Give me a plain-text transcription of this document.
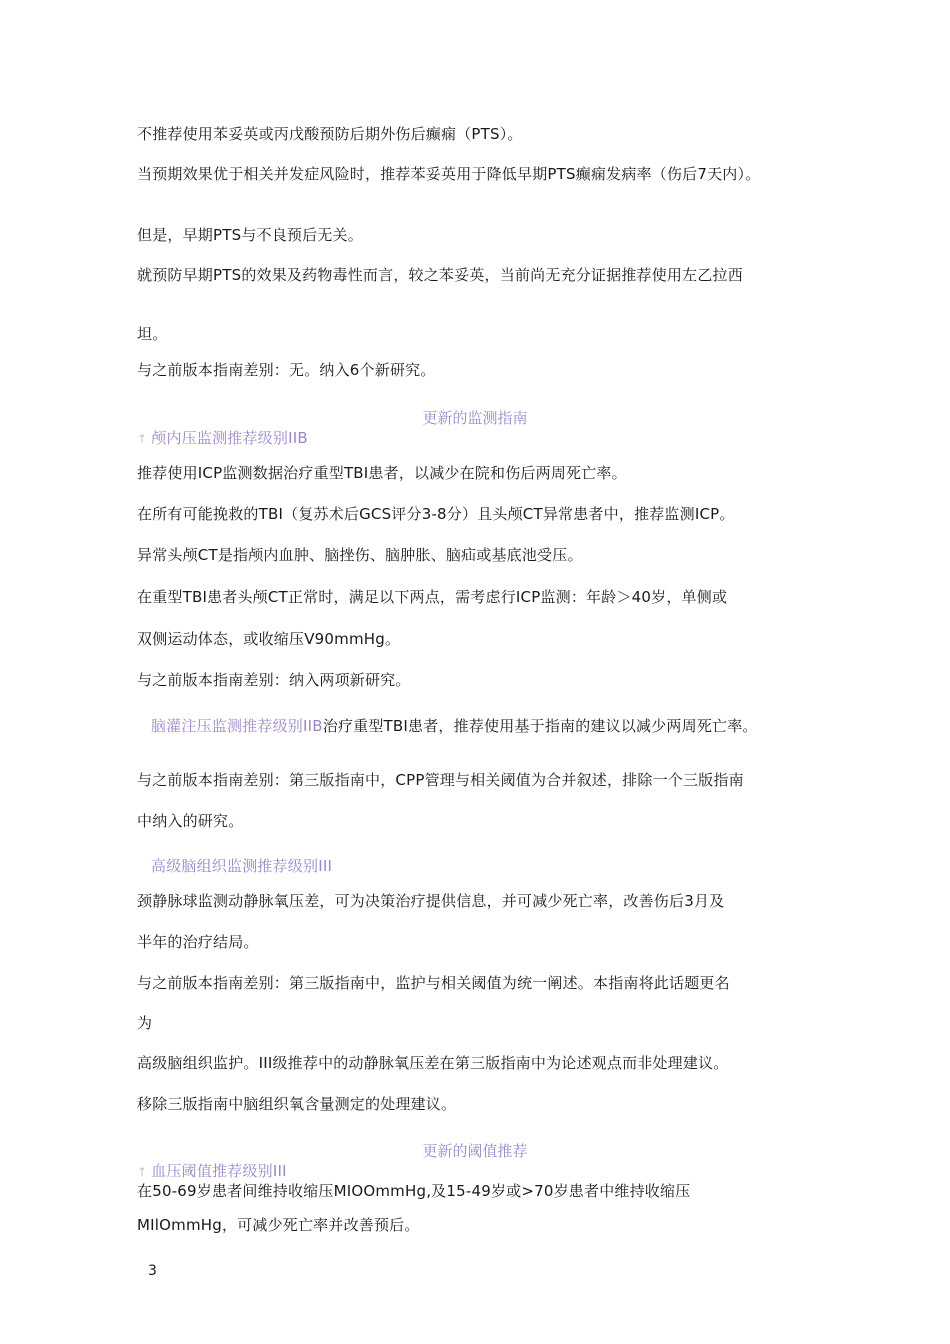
不推荐使用苯妥英或丙戊酸预防后期外伤后癫痫（PTS）。
当预期效果优于相关并发症风险时，推荐苯妥英用于降低早期PTS癫痫发病率（伤后7天内）。
但是，早期PTS与不良预后无关。
就预防早期PTS的效果及药物毒性而言，较之苯妥英，当前尚无充分证据推荐使用左乙拉西
坦。
与之前版本指南差别：无。纳入6个新研究。
更新的监测指南
↑ 颅内压监测推荐级别IIB
推荐使用ICP监测数据治疗重型TBI患者，以减少在院和伤后两周死亡率。
在所有可能挽救的TBI（复苏术后GCS评分3-8分）且头颅CT异常患者中，推荐监测ICP。
异常头颅CT是指颅内血肿、脑挫伤、脑肿胀、脑疝或基底池受压。
在重型TBI患者头颅CT正常时，满足以下两点，需考虑行ICP监测：年龄＞40岁，单侧或
双侧运动体态，或收缩压V90mmHg。
与之前版本指南差别：纳入两项新研究。
脑灌注压监测推荐级别IIB治疗重型TBI患者，推荐使用基于指南的建议以减少两周死亡率。
与之前版本指南差别：第三版指南中，CPP管理与相关阈值为合并叙述，排除一个三版指南
中纳入的研究。
高级脑组织监测推荐级别III
颈静脉球监测动静脉氧压差，可为决策治疗提供信息，并可减少死亡率，改善伤后3月及
半年的治疗结局。
与之前版本指南差别：第三版指南中，监护与相关阈值为统一阐述。本指南将此话题更名
为
高级脑组织监护。III级推荐中的动静脉氧压差在第三版指南中为论述观点而非处理建议。
移除三版指南中脑组织氧含量测定的处理建议。
更新的阈值推荐
↑ 血压阈值推荐级别III
在50-69岁患者间维持收缩压MIOOmmHg,及15-49岁或>70岁患者中维持收缩压
MIlOmmHg，可减少死亡率并改善预后。
3
